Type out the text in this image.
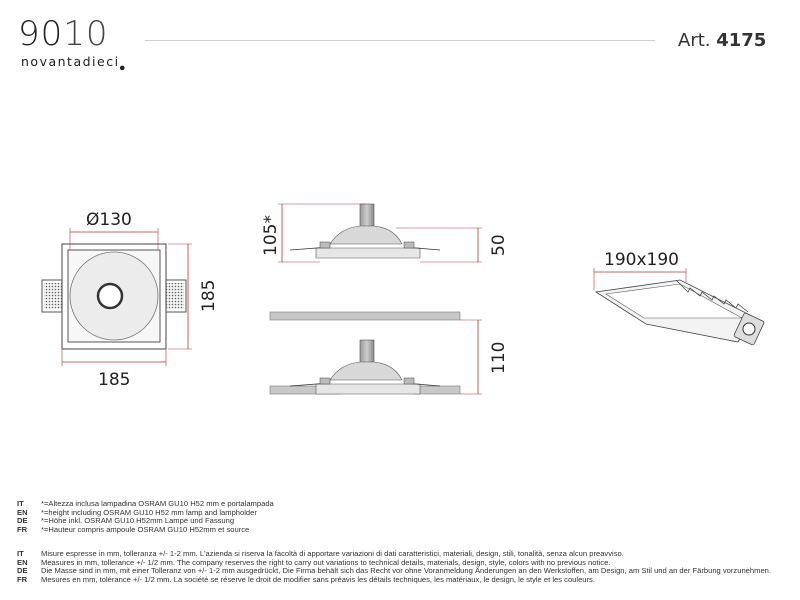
9010
novantadieci$_●$
Art. 4175
Ø130
185
185
105*	50
110
190x190
IT	*=Altezza inclusa lampadina OSRAM GU10 H52 mm e portalampada
EN	*=height including OSRAM GU10 H52 mm lamp and lampholder
DE	*=Höhe inkl. OSRAM GU10 H52mm Lampe und Fassung
FR	*=Hauteur compris ampoule OSRAM GU10 H52mm et source
IT	Misure espresse in mm, tolleranza +/- 1-2 mm. L'azienda si riserva la facoltà di apportare variazioni di dati caratteristici, materiali, design, stili, tonalità, senza alcun preavviso.
EN	Measures in mm, tollerance +/- 1/2 mm. The company reserves the right to carry out variations to technical details, materials, design, style, colors with no previous notice.
DE	Die Masse sind in mm, mit einer Tolleranz von +/- 1-2 mm ausgedrückt, Die Firma behält sich das Recht vor ohne Voranmeldung Änderungen an den Werkstoffen, am Design, am Stil und an der Färbung vorzunehmen.
FR	Mesures en mm, tolérance +/- 1/2 mm. La société se réserve le droit de modifier sans préavis les détails techniques, les matériaux, le design, le style et les couleurs.
